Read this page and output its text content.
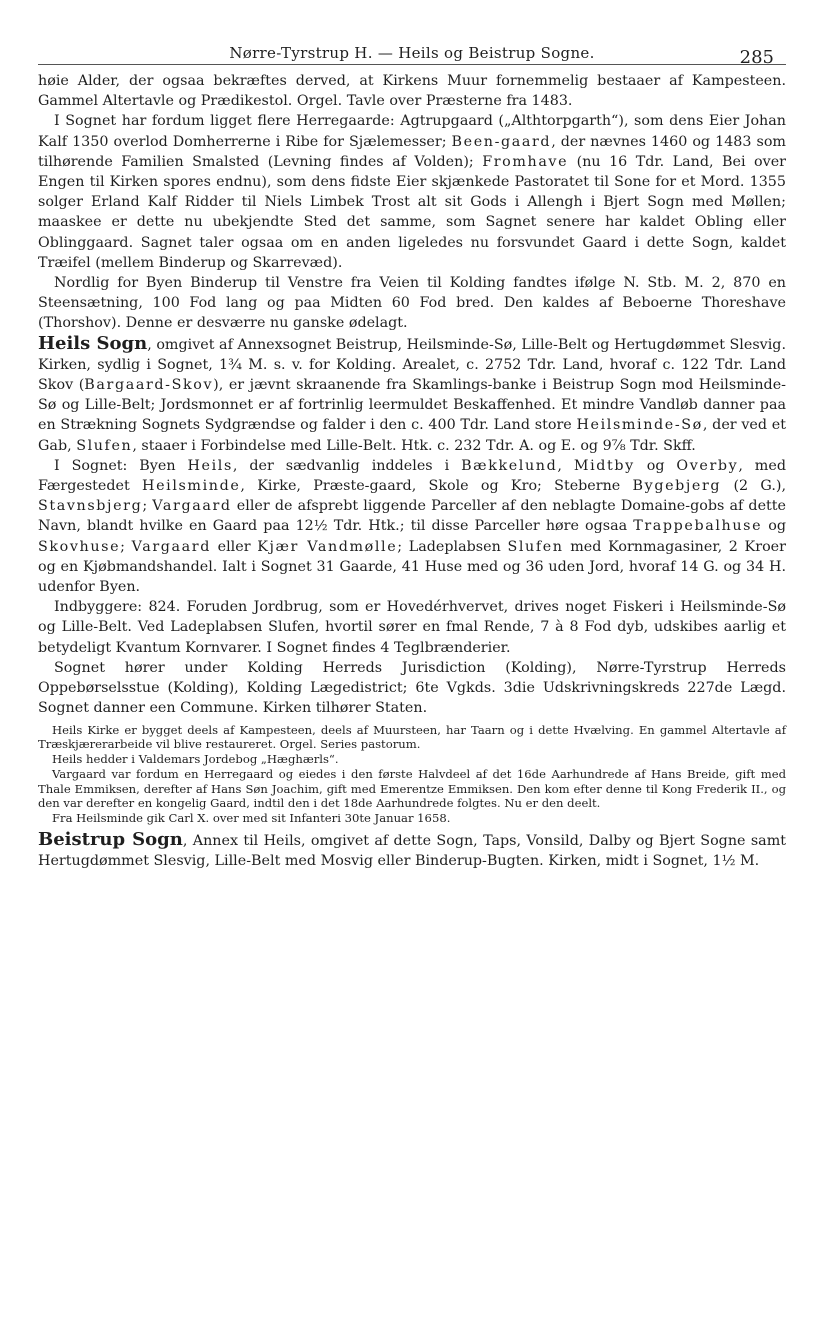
Nørre-Tyrstrup H. — Heils og Beistrup Sogne.	285

høie Alder, der ogsaa bekræftes derved, at Kirkens Muur fornemmelig bestaaer af Kampesteen. Gammel Altertavle og Prædikestol. Orgel. Tavle over Præsterne fra 1483.

I Sognet har fordum ligget flere Herregaarde: Agtrupgaard („Althtorpgarth“), som dens Eier Johan Kalf 1350 overlod Domherrerne i Ribe for Sjælemesser; Been-gaard, der nævnes 1460 og 1483 som tilhørende Familien Smalsted (Levning findes af Volden); Fromhave (nu 16 Tdr. Land, Bei over Engen til Kirken spores endnu), som dens fidste Eier skjænkede Pastoratet til Sone for et Mord. 1355 solger Erland Kalf Ridder til Niels Limbek Trost alt sit Gods i Allengh i Bjert Sogn med Møllen; maaskee er dette nu ubekjendte Sted det samme, som Sagnet senere har kaldet Obling eller Oblinggaard. Sagnet taler ogsaa om en anden ligeledes nu forsvundet Gaard i dette Sogn, kaldet Træifel (mellem Binderup og Skarrevæd).

Nordlig for Byen Binderup til Venstre fra Veien til Kolding fandtes ifølge N. Stb. M. 2, 870 en Steensætning, 100 Fod lang og paa Midten 60 Fod bred. Den kaldes af Beboerne Thoreshave (Thorshov). Denne er desværre nu ganske ødelagt.

Heils Sogn, omgivet af Annexsognet Beistrup, Heilsminde-Sø, Lille-Belt og Hertugdømmet Slesvig. Kirken, sydlig i Sognet, 1¾ M. s. v. for Kolding. Arealet, c. 2752 Tdr. Land, hvoraf c. 122 Tdr. Land Skov (Bargaard-Skov), er jævnt skraanende fra Skamlings-banke i Beistrup Sogn mod Heilsminde-Sø og Lille-Belt; Jordsmonnet er af fortrinlig leermuldet Beskaffenhed. Et mindre Vandløb danner paa en Strækning Sognets Sydgrændse og falder i den c. 400 Tdr. Land store Heilsminde-Sø, der ved et Gab, Slufen, staaer i Forbindelse med Lille-Belt. Htk. c. 232 Tdr. A. og E. og 9⅞ Tdr. Skff.

I Sognet: Byen Heils, der sædvanlig inddeles i Bækkelund, Midtby og Overby, med Færgestedet Heilsminde, Kirke, Præste-gaard, Skole og Kro; Steberne Bygebjerg (2 G.), Stavnsbjerg; Vargaard eller de afsprebt liggende Parceller af den neblagte Domaine-gobs af dette Navn, blandt hvilke en Gaard paa 12½ Tdr. Htk.; til disse Parceller høre ogsaa Trappebalhuse og Skovhuse; Vargaard eller Kjær Vandmølle; Ladeplabsen Slufen med Kornmagasiner, 2 Kroer og en Kjøbmandshandel. Ialt i Sognet 31 Gaarde, 41 Huse med og 36 uden Jord, hvoraf 14 G. og 34 H. udenfor Byen.

Indbyggere: 824. Foruden Jordbrug, som er Hovedérhvervet, drives noget Fiskeri i Heilsminde-Sø og Lille-Belt. Ved Ladeplabsen Slufen, hvortil sører en fmal Rende, 7 à 8 Fod dyb, udskibes aarlig et betydeligt Kvantum Kornvarer. I Sognet findes 4 Teglbrænderier.

Sognet hører under Kolding Herreds Jurisdiction (Kolding), Nørre-Tyrstrup Herreds Oppebørselsstue (Kolding), Kolding Lægedistrict; 6te Vgkds. 3die Udskrivningskreds 227de Lægd. Sognet danner een Commune. Kirken tilhører Staten.

Heils Kirke er bygget deels af Kampesteen, deels af Muursteen, har Taarn og i dette Hvælving. En gammel Altertavle af Træskjærerarbeide vil blive restaureret. Orgel. Series pastorum.

Heils hedder i Valdemars Jordebog „Hæghærls“.

Vargaard var fordum en Herregaard og eiedes i den første Halvdeel af det 16de Aarhundrede af Hans Breide, gift med Thale Emmiksen, derefter af Hans Søn Joachim, gift med Emerentze Emmiksen. Den kom efter denne til Kong Frederik II., og den var derefter en kongelig Gaard, indtil den i det 18de Aarhundrede folgtes. Nu er den deelt.

Fra Heilsminde gik Carl X. over med sit Infanteri 30te Januar 1658.

Beistrup Sogn, Annex til Heils, omgivet af dette Sogn, Taps, Vonsild, Dalby og Bjert Sogne samt Hertugdømmet Slesvig, Lille-Belt med Mosvig eller Binderup-Bugten. Kirken, midt i Sognet, 1½ M.
